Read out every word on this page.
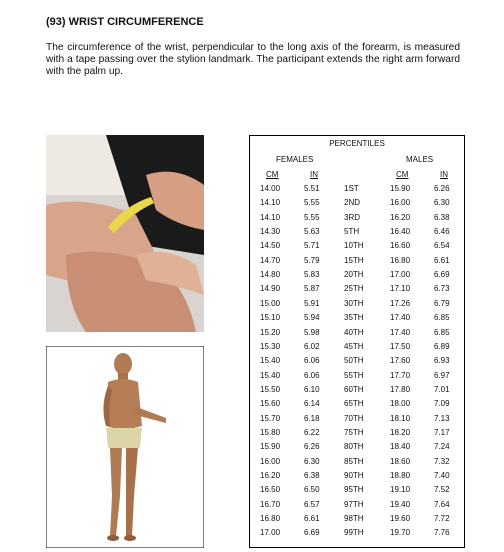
(93) WRIST CIRCUMFERENCE
The circumference of the wrist, perpendicular to the long axis of the forearm, is measured with a tape passing over the stylion landmark. The participant extends the right arm forward with the palm up.
PERCENTILES
FEMALES	MALES
CM	IN	CM	IN
14.00	5.51	1ST	15.90	6.26
14.10	5.55	2ND	16.00	6.30
14.10	5.55	3RD	16.20	6.38
14.30	5.63	5TH	16.40	6.46
14.50	5.71	10TH	16.60	6.54
14.70	5.79	15TH	16.80	6.61
14.80	5.83	20TH	17.00	6.69
14.90	5.87	25TH	17.10	6.73
15.00	5.91	30TH	17.26	6.79
15.10	5.94	35TH	17.40	6.85
15.20	5.98	40TH	17.40	6.85
15.30	6.02	45TH	17.50	6.89
15.40	6.06	50TH	17.60	6.93
15.40	6.06	55TH	17.70	6.97
15.50	6.10	60TH	17.80	7.01
15.60	6.14	65TH	18.00	7.09
15.70	6.18	70TH	18.10	7.13
15.80	6.22	75TH	18.20	7.17
15.90	6.26	80TH	18.40	7.24
16.00	6.30	85TH	18.60	7.32
16.20	6.38	90TH	18.80	7.40
16.50	6.50	95TH	19.10	7.52
16.70	6.57	97TH	19.40	7.64
16.80	6.61	98TH	19.60	7.72
17.00	6.69	99TH	19.70	7.76
